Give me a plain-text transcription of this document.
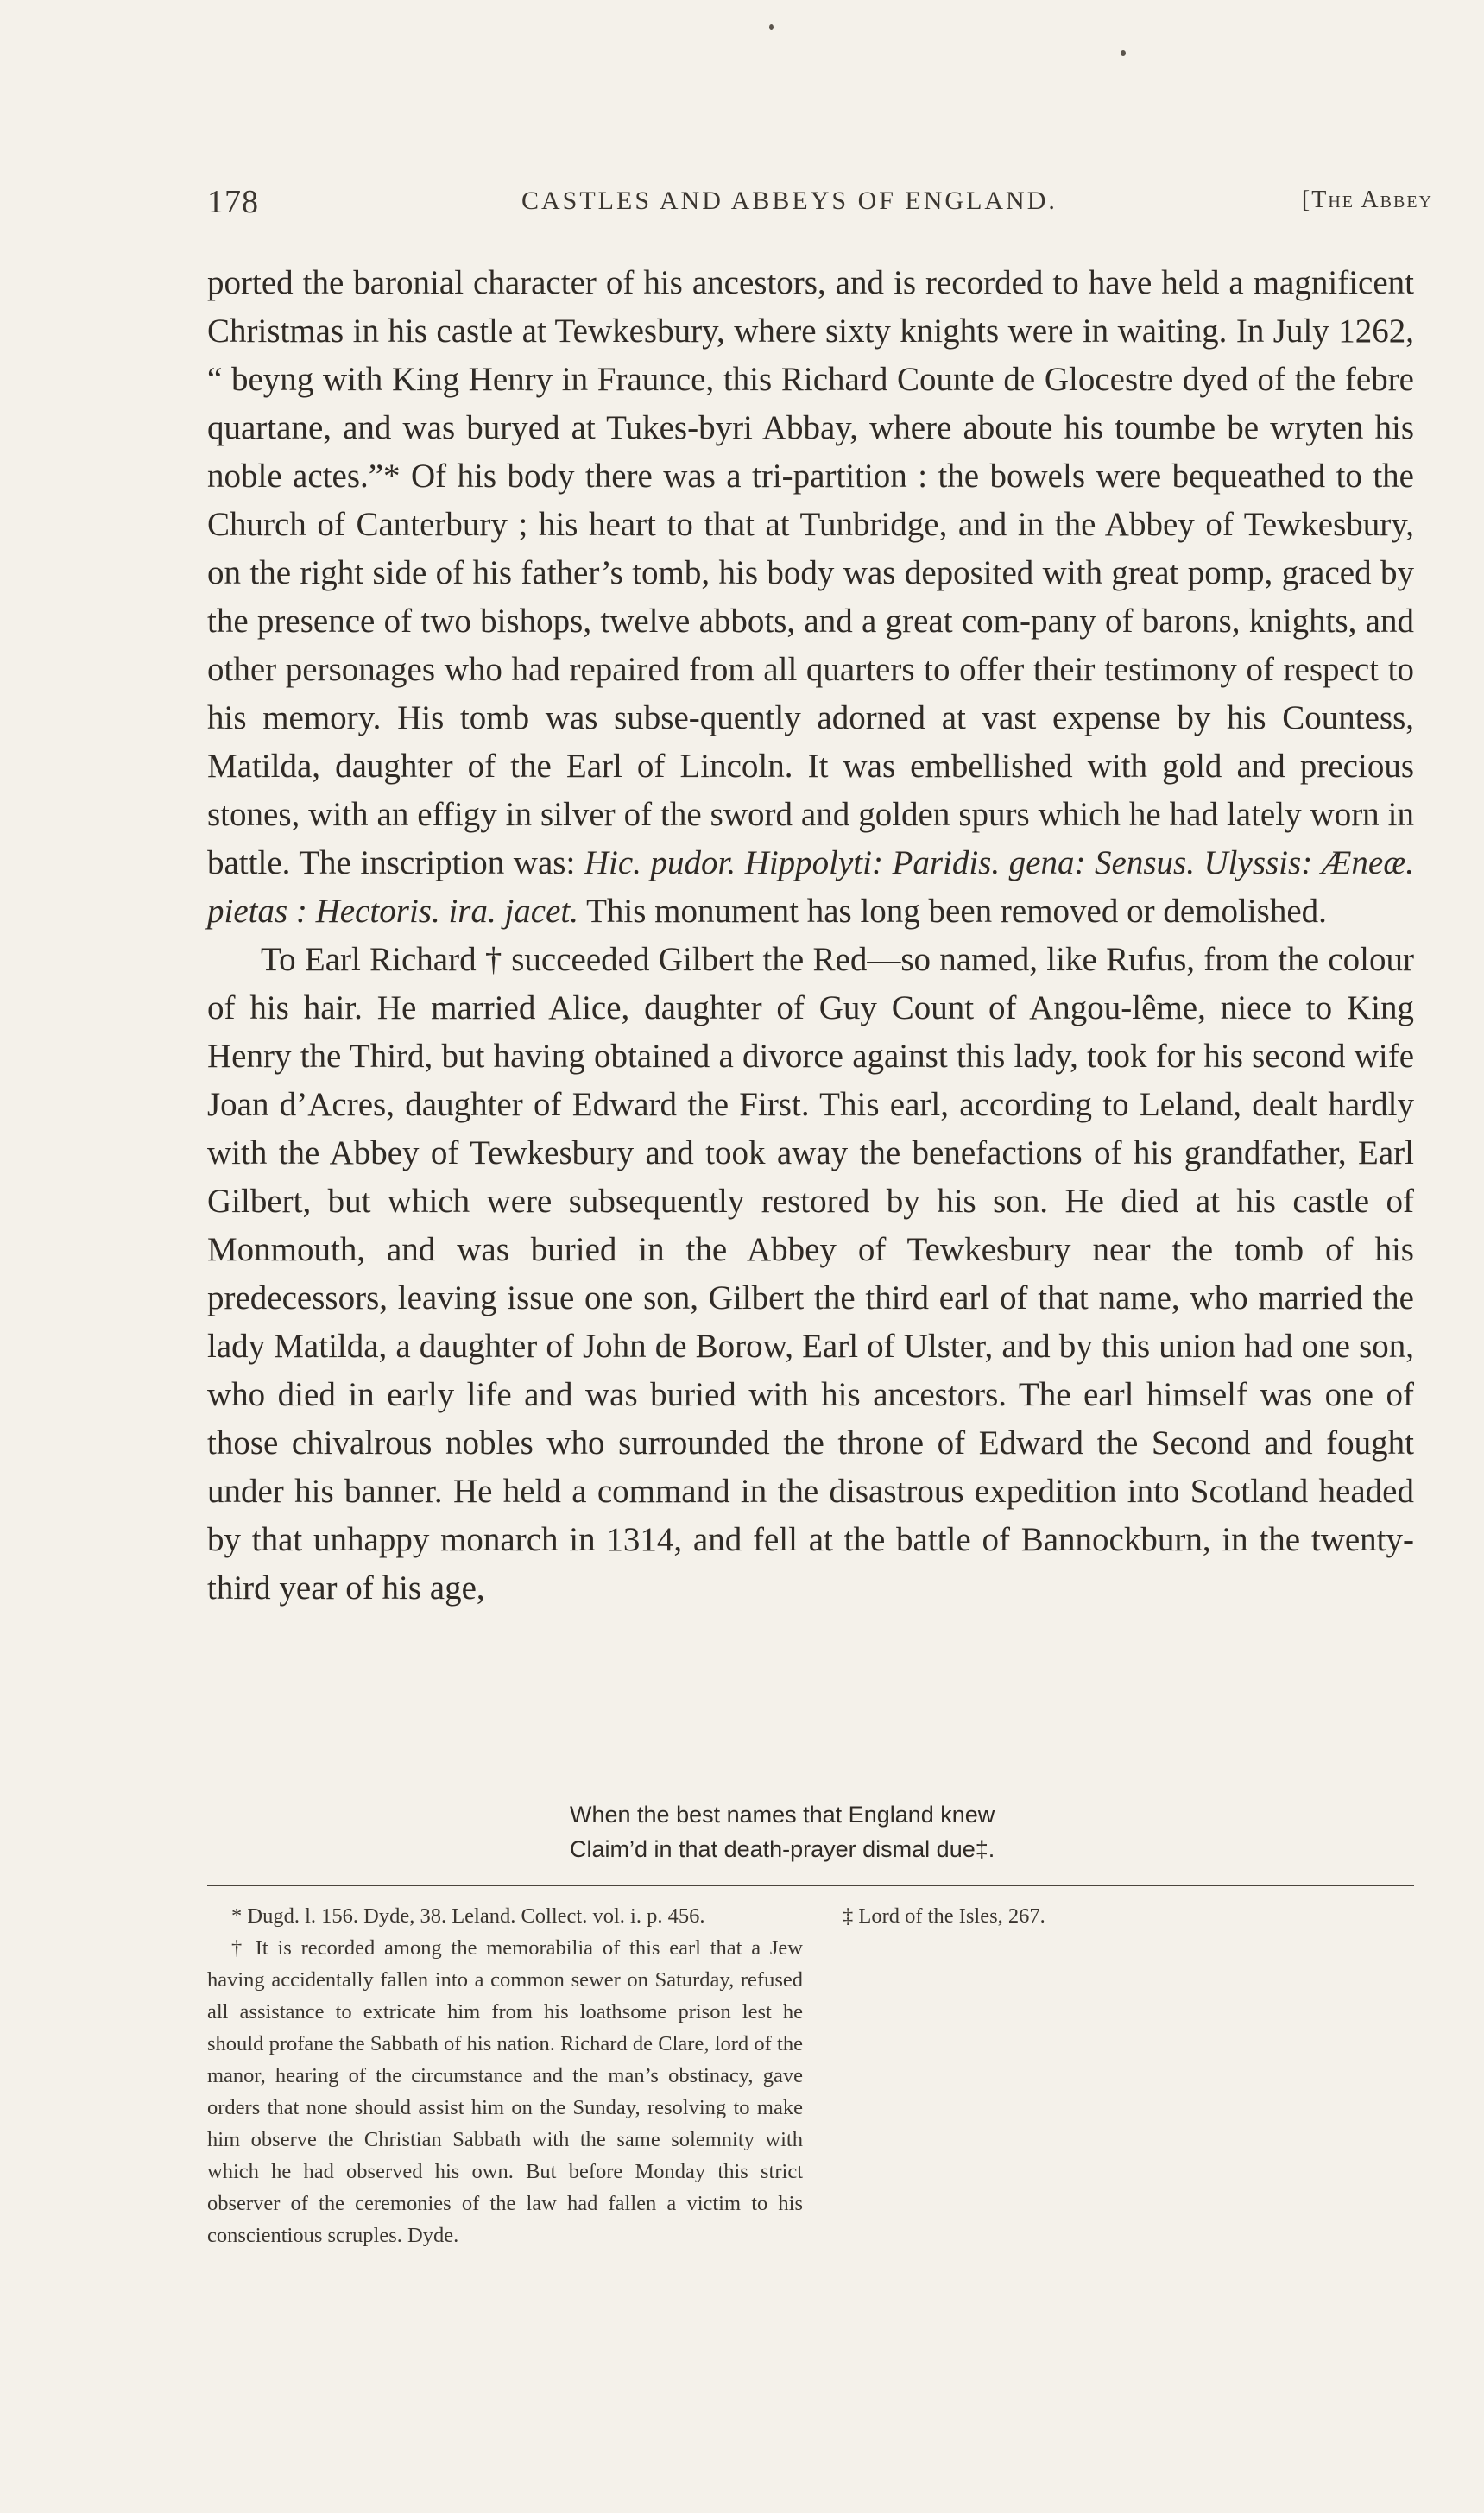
178	CASTLES AND ABBEYS OF ENGLAND.	[The Abbey

ported the baronial character of his ancestors, and is recorded to have held a magnificent Christmas in his castle at Tewkesbury, where sixty knights were in waiting. In July 1262, “ beyng with King Henry in Fraunce, this Richard Counte de Glocestre dyed of the febre quartane, and was buryed at Tukes-byri Abbay, where aboute his toumbe be wryten his noble actes.”* Of his body there was a tri-partition : the bowels were bequeathed to the Church of Canterbury ; his heart to that at Tunbridge, and in the Abbey of Tewkesbury, on the right side of his father’s tomb, his body was deposited with great pomp, graced by the presence of two bishops, twelve abbots, and a great com-pany of barons, knights, and other personages who had repaired from all quarters to offer their testimony of respect to his memory. His tomb was subse-quently adorned at vast expense by his Countess, Matilda, daughter of the Earl of Lincoln. It was embellished with gold and precious stones, with an effigy in silver of the sword and golden spurs which he had lately worn in battle. The inscription was: Hic. pudor. Hippolyti: Paridis. gena: Sensus. Ulyssis: Æneæ. pietas : Hectoris. ira. jacet. This monument has long been removed or demolished.

To Earl Richard † succeeded Gilbert the Red—so named, like Rufus, from the colour of his hair. He married Alice, daughter of Guy Count of Angou-lême, niece to King Henry the Third, but having obtained a divorce against this lady, took for his second wife Joan d’Acres, daughter of Edward the First. This earl, according to Leland, dealt hardly with the Abbey of Tewkesbury and took away the benefactions of his grandfather, Earl Gilbert, but which were subsequently restored by his son. He died at his castle of Monmouth, and was buried in the Abbey of Tewkesbury near the tomb of his predecessors, leaving issue one son, Gilbert the third earl of that name, who married the lady Matilda, a daughter of John de Borow, Earl of Ulster, and by this union had one son, who died in early life and was buried with his ancestors. The earl himself was one of those chivalrous nobles who surrounded the throne of Edward the Second and fought under his banner. He held a command in the disastrous expedition into Scotland headed by that unhappy monarch in 1314, and fell at the battle of Bannockburn, in the twenty-third year of his age,

When the best names that England knew
Claim’d in that death-prayer dismal due‡.

* Dugd. l. 156. Dyde, 38. Leland. Collect. vol. i. p. 456.

† It is recorded among the memorabilia of this earl that a Jew having accidentally fallen into a common sewer on Saturday, refused all assistance to extricate him from his loathsome prison lest he should profane the Sabbath of his nation. Richard de Clare, lord of the manor, hearing of the circumstance and the man’s obstinacy, gave orders that none should assist him on the Sunday, resolving to make him observe the Christian Sabbath with the same solemnity with which he had observed his own. But before Monday this strict observer of the ceremonies of the law had fallen a victim to his conscientious scruples. Dyde.

‡ Lord of the Isles, 267.
